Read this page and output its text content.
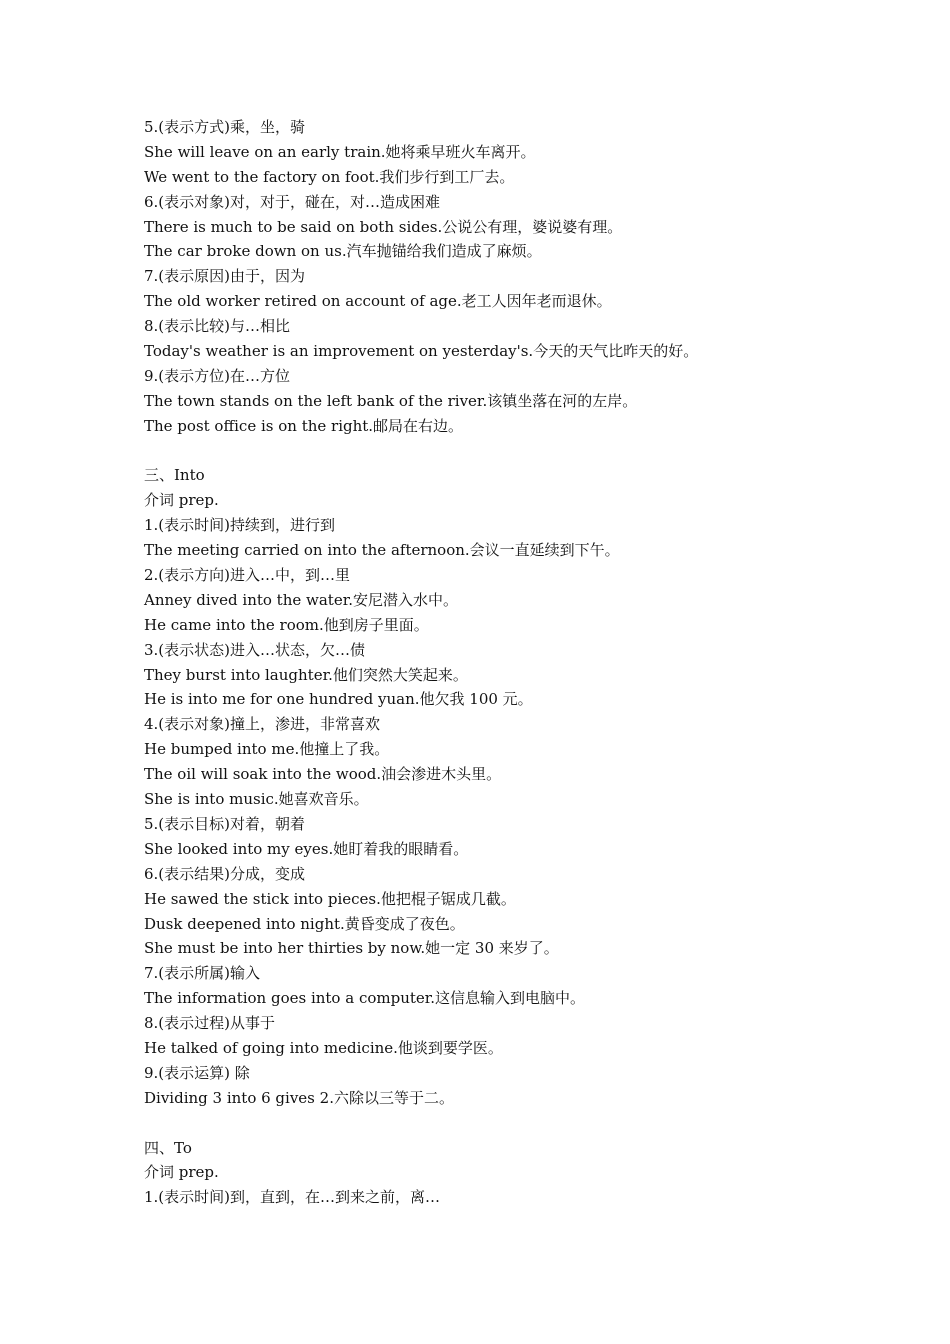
5.(表示方式)乘，坐，骑
She will leave on an early train.她将乘早班火车离开。
We went to the factory on foot.我们步行到工厂去。
6.(表示对象)对，对于，碰在，对…造成困难
There is much to be said on both sides.公说公有理，婆说婆有理。
The car broke down on us.汽车抛锚给我们造成了麻烦。
7.(表示原因)由于，因为
The old worker retired on account of age.老工人因年老而退休。
8.(表示比较)与…相比
Today's weather is an improvement on yesterday's.今天的天气比昨天的好。
9.(表示方位)在…方位
The town stands on the left bank of the river.该镇坐落在河的左岸。
The post office is on the right.邮局在右边。
三、Into
介词 prep.
1.(表示时间)持续到，进行到
The meeting carried on into the afternoon.会议一直延续到下午。
2.(表示方向)进入…中，到…里
Anney dived into the water.安尼潜入水中。
He came into the room.他到房子里面。
3.(表示状态)进入…状态，欠…债
They burst into laughter.他们突然大笑起来。
He is into me for one hundred yuan.他欠我 100 元。
4.(表示对象)撞上，渗进，非常喜欢
He bumped into me.他撞上了我。
The oil will soak into the wood.油会渗进木头里。
She is into music.她喜欢音乐。
5.(表示目标)对着，朝着
She looked into my eyes.她盯着我的眼睛看。
6.(表示结果)分成，变成
He sawed the stick into pieces.他把棍子锯成几截。
Dusk deepened into night.黄昏变成了夜色。
She must be into her thirties by now.她一定 30 来岁了。
7.(表示所属)输入
The information goes into a computer.这信息输入到电脑中。
8.(表示过程)从事于
He talked of going into medicine.他谈到要学医。
9.(表示运算) 除
Dividing 3 into 6 gives 2.六除以三等于二。
四、To
介词 prep.
1.(表示时间)到，直到，在…到来之前，离…
